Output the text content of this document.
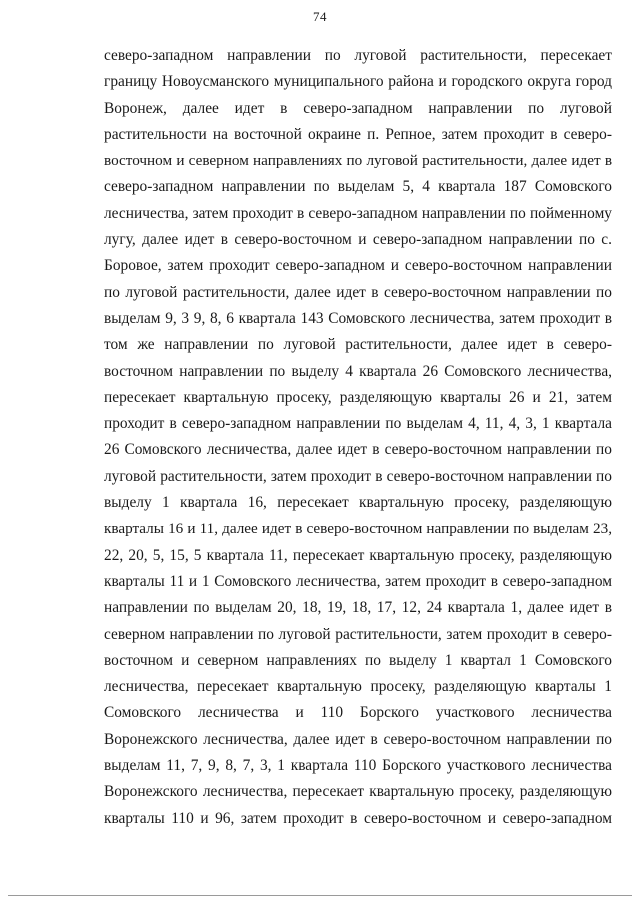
74
северо-западном направлении по луговой растительности, пересекает
границу Новоусманского муниципального района и городского округа город
Воронеж, далее идет в северо-западном направлении по луговой
растительности на восточной окраине п. Репное, затем проходит в северо-
восточном и северном направлениях по луговой растительности, далее идет в
северо-западном направлении по выделам 5, 4 квартала 187 Сомовского
лесничества, затем проходит в северо-западном направлении по пойменному
лугу, далее идет в северо-восточном и северо-западном направлении по с.
Боровое, затем проходит северо-западном и северо-восточном направлении
по луговой растительности, далее идет в северо-восточном направлении по
выделам 9, 3 9, 8, 6 квартала 143 Сомовского лесничества, затем проходит в
том же направлении по луговой растительности, далее идет в северо-
восточном направлении по выделу 4 квартала 26 Сомовского лесничества,
пересекает квартальную просеку, разделяющую кварталы 26 и 21, затем
проходит в северо-западном направлении по выделам 4, 11, 4, 3, 1 квартала
26 Сомовского лесничества, далее идет в северо-восточном направлении по
луговой растительности, затем проходит в северо-восточном направлении по
выделу 1 квартала 16, пересекает квартальную просеку, разделяющую
кварталы 16 и 11, далее идет в северо-восточном направлении по выделам 23,
22, 20, 5, 15, 5 квартала 11, пересекает квартальную просеку, разделяющую
кварталы 11 и 1 Сомовского лесничества, затем проходит в северо-западном
направлении по выделам 20, 18, 19, 18, 17, 12, 24 квартала 1, далее идет в
северном направлении по луговой растительности, затем проходит в северо-
восточном и северном направлениях по выделу 1 квартал 1 Сомовского
лесничества, пересекает квартальную просеку, разделяющую кварталы 1
Сомовского лесничества и 110 Борского участкового лесничества
Воронежского лесничества, далее идет в северо-восточном направлении по
выделам 11, 7, 9, 8, 7, 3, 1 квартала 110 Борского участкового лесничества
Воронежского лесничества, пересекает квартальную просеку, разделяющую
кварталы 110 и 96, затем проходит в северо-восточном и северо-западном
